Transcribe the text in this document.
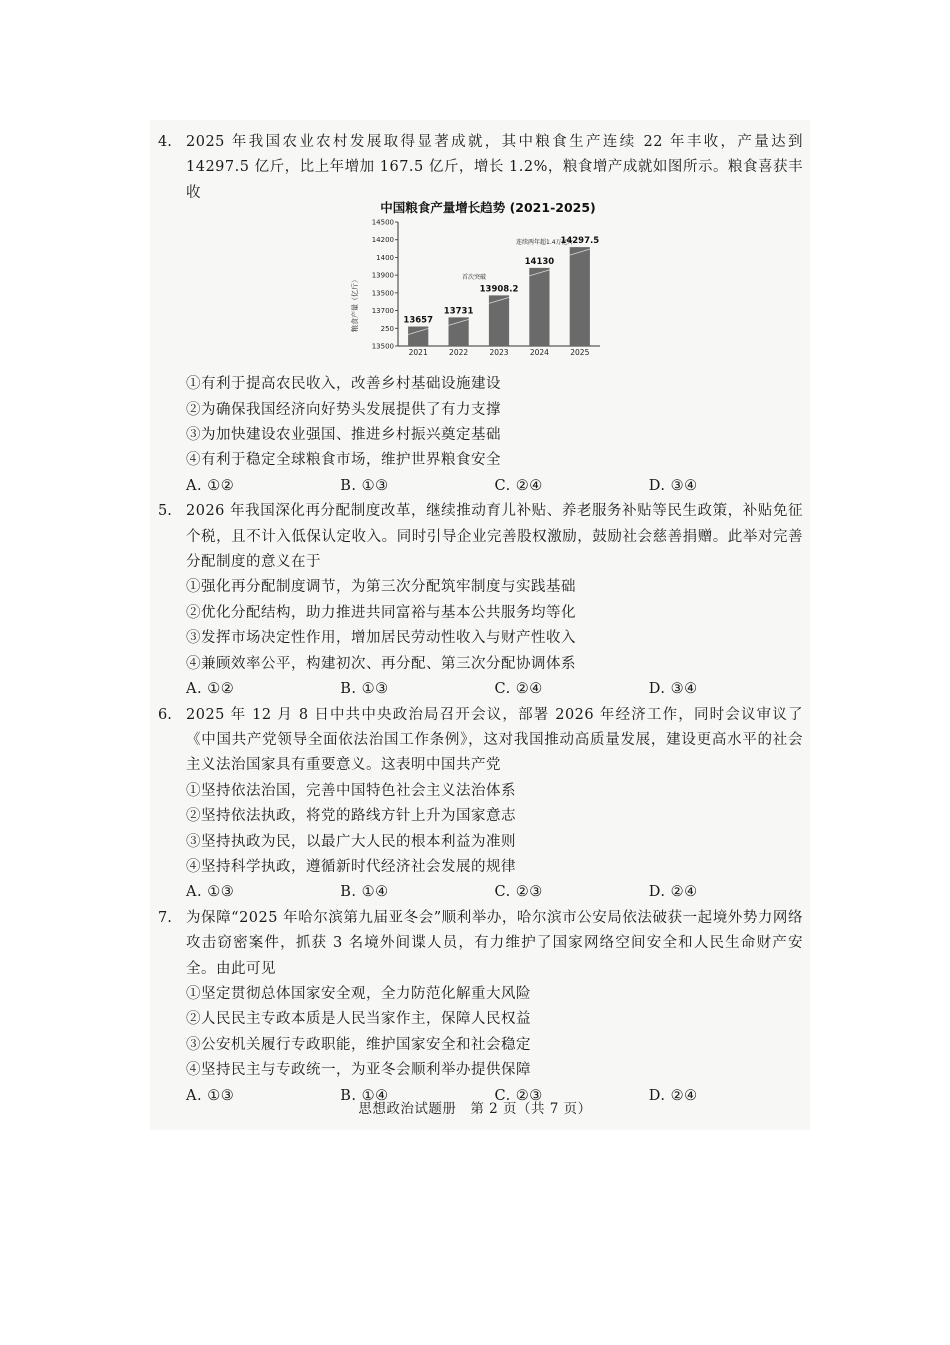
4. 2025 年我国农业农村发展取得显著成就，其中粮食生产连续 22 年丰收，产量达到 14297.5 亿斤，比上年增加 167.5 亿斤，增长 1.2%，粮食增产成就如图所示。粮食喜获丰收
中国粮食产量增长趋势 (2021-2025)
粮食产量（亿斤）
14500
14200
1400
13900
13500
13700
250
13500
13657
13731
13908.2
14130
14297.5
2021	2022	2023	2024	2025
连续两年超1.4万亿斤
首次突破
①有利于提高农民收入，改善乡村基础设施建设
②为确保我国经济向好势头发展提供了有力支撑
③为加快建设农业强国、推进乡村振兴奠定基础
④有利于稳定全球粮食市场，维护世界粮食安全
A. ①②	B. ①③	C. ②④	D. ③④
5. 2026 年我国深化再分配制度改革，继续推动育儿补贴、养老服务补贴等民生政策，补贴免征个税，且不计入低保认定收入。同时引导企业完善股权激励，鼓励社会慈善捐赠。此举对完善分配制度的意义在于
①强化再分配制度调节，为第三次分配筑牢制度与实践基础
②优化分配结构，助力推进共同富裕与基本公共服务均等化
③发挥市场决定性作用，增加居民劳动性收入与财产性收入
④兼顾效率公平，构建初次、再分配、第三次分配协调体系
A. ①②	B. ①③	C. ②④	D. ③④
6. 2025 年 12 月 8 日中共中央政治局召开会议，部署 2026 年经济工作，同时会议审议了《中国共产党领导全面依法治国工作条例》，这对我国推动高质量发展，建设更高水平的社会主义法治国家具有重要意义。这表明中国共产党
①坚持依法治国，完善中国特色社会主义法治体系
②坚持依法执政，将党的路线方针上升为国家意志
③坚持执政为民，以最广大人民的根本利益为准则
④坚持科学执政，遵循新时代经济社会发展的规律
A. ①③	B. ①④	C. ②③	D. ②④
7. 为保障“2025 年哈尔滨第九届亚冬会”顺利举办，哈尔滨市公安局依法破获一起境外势力网络攻击窃密案件，抓获 3 名境外间谍人员，有力维护了国家网络空间安全和人民生命财产安全。由此可见
①坚定贯彻总体国家安全观，全力防范化解重大风险
②人民民主专政本质是人民当家作主，保障人民权益
③公安机关履行专政职能，维护国家安全和社会稳定
④坚持民主与专政统一，为亚冬会顺利举办提供保障
A. ①③	B. ①④	C. ②③	D. ②④
思想政治试题册　第 2 页（共 7 页）
